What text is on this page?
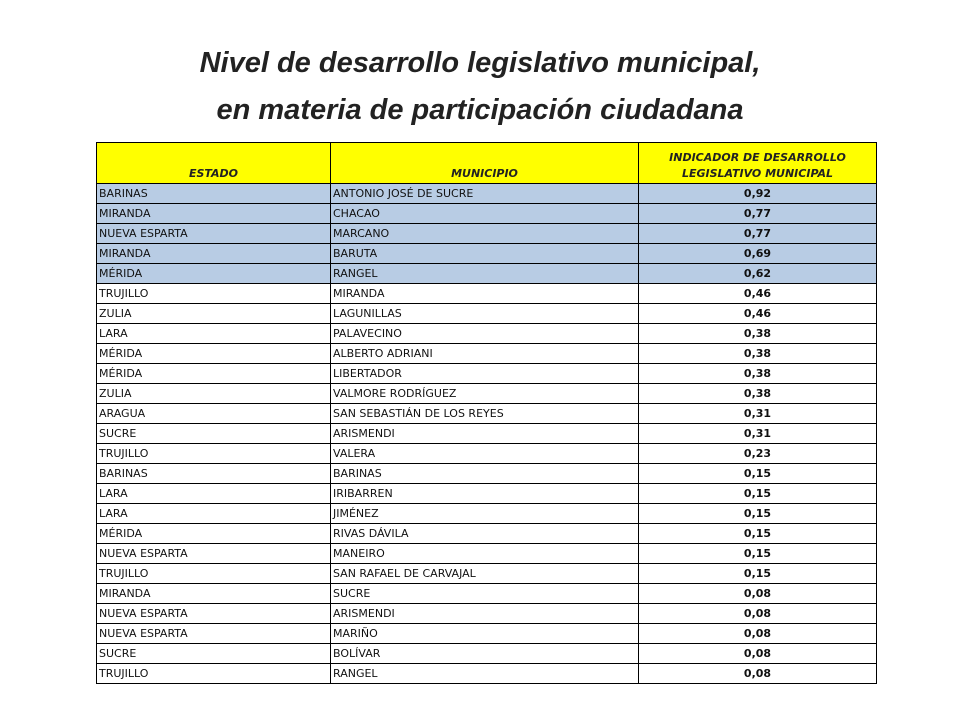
Nivel de desarrollo legislativo municipal,
en materia de participación ciudadana
ESTADO	MUNICIPIO	INDICADOR DE DESARROLLO
LEGISLATIVO MUNICIPAL

BARINAS	ANTONIO JOSÉ DE SUCRE	0,92
MIRANDA	CHACAO	0,77
NUEVA ESPARTA	MARCANO	0,77
MIRANDA	BARUTA	0,69
MÉRIDA	RANGEL	0,62
TRUJILLO	MIRANDA	0,46
ZULIA	LAGUNILLAS	0,46
LARA	PALAVECINO	0,38
MÉRIDA	ALBERTO ADRIANI	0,38
MÉRIDA	LIBERTADOR	0,38
ZULIA	VALMORE RODRÍGUEZ	0,38
ARAGUA	SAN SEBASTIÁN DE LOS REYES	0,31
SUCRE	ARISMENDI	0,31
TRUJILLO	VALERA	0,23
BARINAS	BARINAS	0,15
LARA	IRIBARREN	0,15
LARA	JIMÉNEZ	0,15
MÉRIDA	RIVAS DÁVILA	0,15
NUEVA ESPARTA	MANEIRO	0,15
TRUJILLO	SAN RAFAEL DE CARVAJAL	0,15
MIRANDA	SUCRE	0,08
NUEVA ESPARTA	ARISMENDI	0,08
NUEVA ESPARTA	MARIÑO	0,08
SUCRE	BOLÍVAR	0,08
TRUJILLO	RANGEL	0,08
